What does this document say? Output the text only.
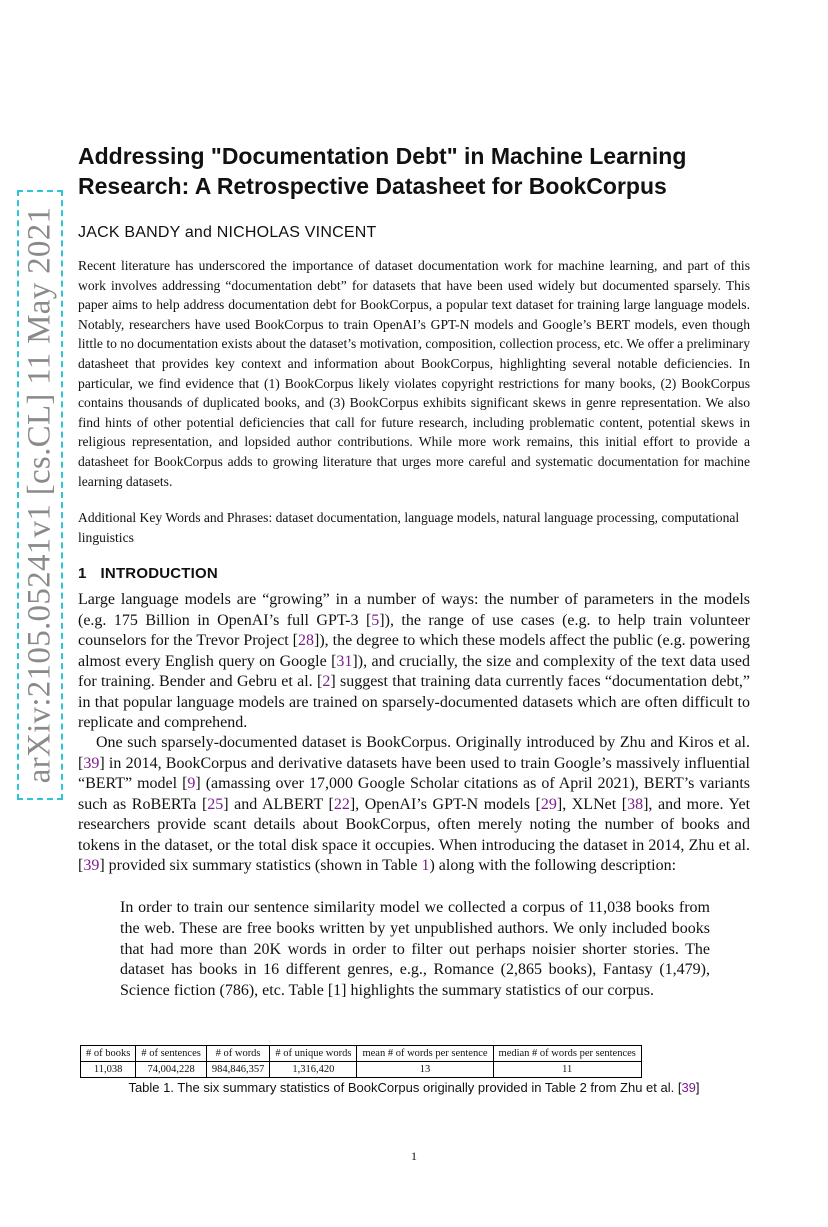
arXiv:2105.05241v1 [cs.CL] 11 May 2021
Addressing "Documentation Debt" in Machine Learning Research: A Retrospective Datasheet for BookCorpus
JACK BANDY and NICHOLAS VINCENT

Recent literature has underscored the importance of dataset documentation work for machine learning, and part of this work involves addressing “documentation debt” for datasets that have been used widely but documented sparsely. This paper aims to help address documentation debt for BookCorpus, a popular text dataset for training large language models. Notably, researchers have used BookCorpus to train OpenAI’s GPT-N models and Google’s BERT models, even though little to no documentation exists about the dataset’s motivation, composition, collection process, etc. We offer a preliminary datasheet that provides key context and information about BookCorpus, highlighting several notable deficiencies. In particular, we find evidence that (1) BookCorpus likely violates copyright restrictions for many books, (2) BookCorpus contains thousands of duplicated books, and (3) BookCorpus exhibits significant skews in genre representation. We also find hints of other potential deficiencies that call for future research, including problematic content, potential skews in religious representation, and lopsided author contributions. While more work remains, this initial effort to provide a datasheet for BookCorpus adds to growing literature that urges more careful and systematic documentation for machine learning datasets.

Additional Key Words and Phrases: dataset documentation, language models, natural language processing, computational linguistics

1 INTRODUCTION

Large language models are “growing” in a number of ways: the number of parameters in the models (e.g. 175 Billion in OpenAI’s full GPT-3 [5]), the range of use cases (e.g. to help train volunteer counselors for the Trevor Project [28]), the degree to which these models affect the public (e.g. powering almost every English query on Google [31]), and crucially, the size and complexity of the text data used for training. Bender and Gebru et al. [2] suggest that training data currently faces “documentation debt,” in that popular language models are trained on sparsely-documented datasets which are often difficult to replicate and comprehend.

One such sparsely-documented dataset is BookCorpus. Originally introduced by Zhu and Kiros et al. [39] in 2014, BookCorpus and derivative datasets have been used to train Google’s massively influential “BERT” model [9] (amassing over 17,000 Google Scholar citations as of April 2021), BERT’s variants such as RoBERTa [25] and ALBERT [22], OpenAI’s GPT-N models [29], XLNet [38], and more. Yet researchers provide scant details about BookCorpus, often merely noting the number of books and tokens in the dataset, or the total disk space it occupies. When introducing the dataset in 2014, Zhu et al. [39] provided six summary statistics (shown in Table 1) along with the following description:

In order to train our sentence similarity model we collected a corpus of 11,038 books from the web. These are free books written by yet unpublished authors. We only included books that had more than 20K words in order to filter out perhaps noisier shorter stories. The dataset has books in 16 different genres, e.g., Romance (2,865 books), Fantasy (1,479), Science fiction (786), etc. Table [1] highlights the summary statistics of our corpus.

# of books	# of sentences	# of words	# of unique words	mean # of words per sentence	median # of words per sentences
11,038	74,004,228	984,846,357	1,316,420	13	11
Table 1. The six summary statistics of BookCorpus originally provided in Table 2 from Zhu et al. [39]
1
